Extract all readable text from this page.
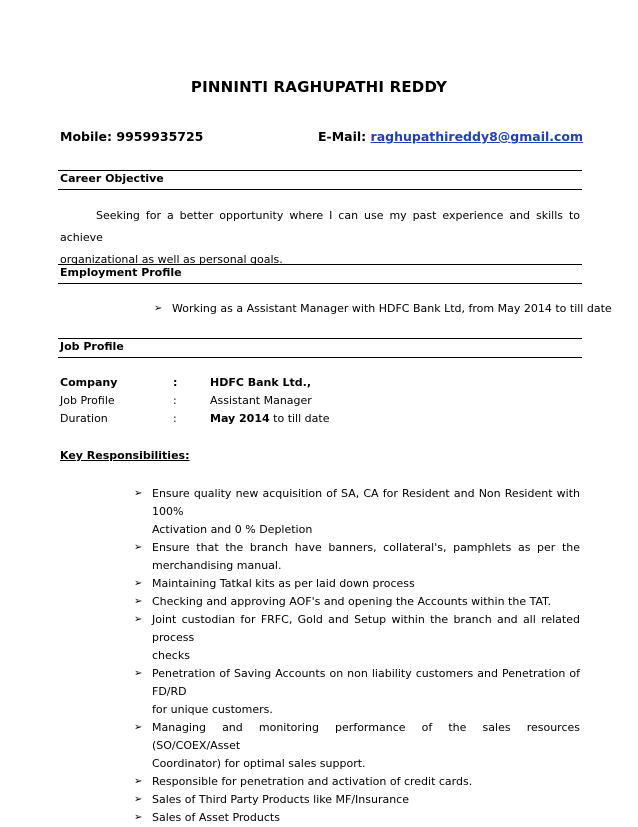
PINNINTI RAGHUPATHI REDDY
Mobile: 9959935725	E-Mail: raghupathireddy8@gmail.com
Career Objective
Seeking for a better opportunity where I can use my past experience and skills to achieve
organizational as well as personal goals.
Employment Profile
➢ Working as a Assistant Manager with HDFC Bank Ltd, from May 2014 to till date
Job Profile
Company	:	HDFC Bank Ltd.,
Job Profile	:	Assistant Manager
Duration	:	May 2014 to till date
Key Responsibilities:
➢ Ensure quality new acquisition of SA, CA for Resident and Non Resident with 100%
Activation and 0 % Depletion
➢ Ensure that the branch have banners, collateral's, pamphlets as per the
merchandising manual.
➢ Maintaining Tatkal kits as per laid down process
➢ Checking and approving AOF's and opening the Accounts within the TAT.
➢ Joint custodian for FRFC, Gold and Setup within the branch and all related process
checks
➢ Penetration of Saving Accounts on non liability customers and Penetration of FD/RD
for unique customers.
➢ Managing and monitoring performance of the sales resources (SO/COEX/Asset
Coordinator) for optimal sales support.
➢ Responsible for penetration and activation of credit cards.
➢ Sales of Third Party Products like MF/Insurance
➢ Sales of Asset Products
